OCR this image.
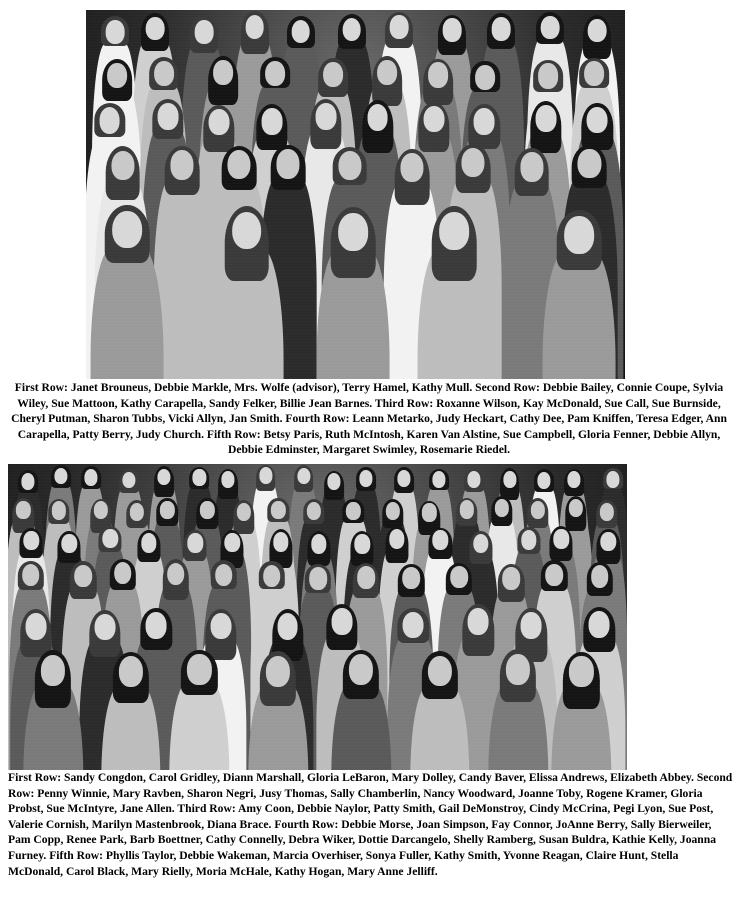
First Row: Janet Brouneus, Debbie Markle, Mrs. Wolfe (advisor), Terry Hamel, Kathy Mull. Second Row: Debbie Bailey, Connie Coupe, Sylvia Wiley, Sue Mattoon, Kathy Carapella, Sandy Felker, Billie Jean Barnes. Third Row: Roxanne Wilson, Kay McDonald, Sue Call, Sue Burnside, Cheryl Putman, Sharon Tubbs, Vicki Allyn, Jan Smith. Fourth Row: Leann Metarko, Judy Heckart, Cathy Dee, Pam Kniffen, Teresa Edger, Ann Carapella, Patty Berry, Judy Church. Fifth Row: Betsy Paris, Ruth McIntosh, Karen Van Alstine, Sue Campbell, Gloria Fenner, Debbie Allyn, Debbie Edminster, Margaret Swimley, Rosemarie Riedel.

First Row: Sandy Congdon, Carol Gridley, Diann Marshall, Gloria LeBaron, Mary Dolley, Candy Baver, Elissa Andrews, Elizabeth Abbey. Second Row: Penny Winnie, Mary Ravben, Sharon Negri, Jusy Thomas, Sally Chamberlin, Nancy Woodward, Joanne Toby, Rogene Kramer, Gloria Probst, Sue McIntyre, Jane Allen. Third Row: Amy Coon, Debbie Naylor, Patty Smith, Gail DeMonstroy, Cindy McCrina, Pegi Lyon, Sue Post, Valerie Cornish, Marilyn Mastenbrook, Diana Brace. Fourth Row: Debbie Morse, Joan Simpson, Fay Connor, JoAnne Berry, Sally Bierweiler, Pam Copp, Renee Park, Barb Boettner, Cathy Connelly, Debra Wiker, Dottie Darcangelo, Shelly Ramberg, Susan Buldra, Kathie Kelly, Joanna Furney. Fifth Row: Phyllis Taylor, Debbie Wakeman, Marcia Overhiser, Sonya Fuller, Kathy Smith, Yvonne Reagan, Claire Hunt, Stella McDonald, Carol Black, Mary Rielly, Moria McHale, Kathy Hogan, Mary Anne Jelliff.
